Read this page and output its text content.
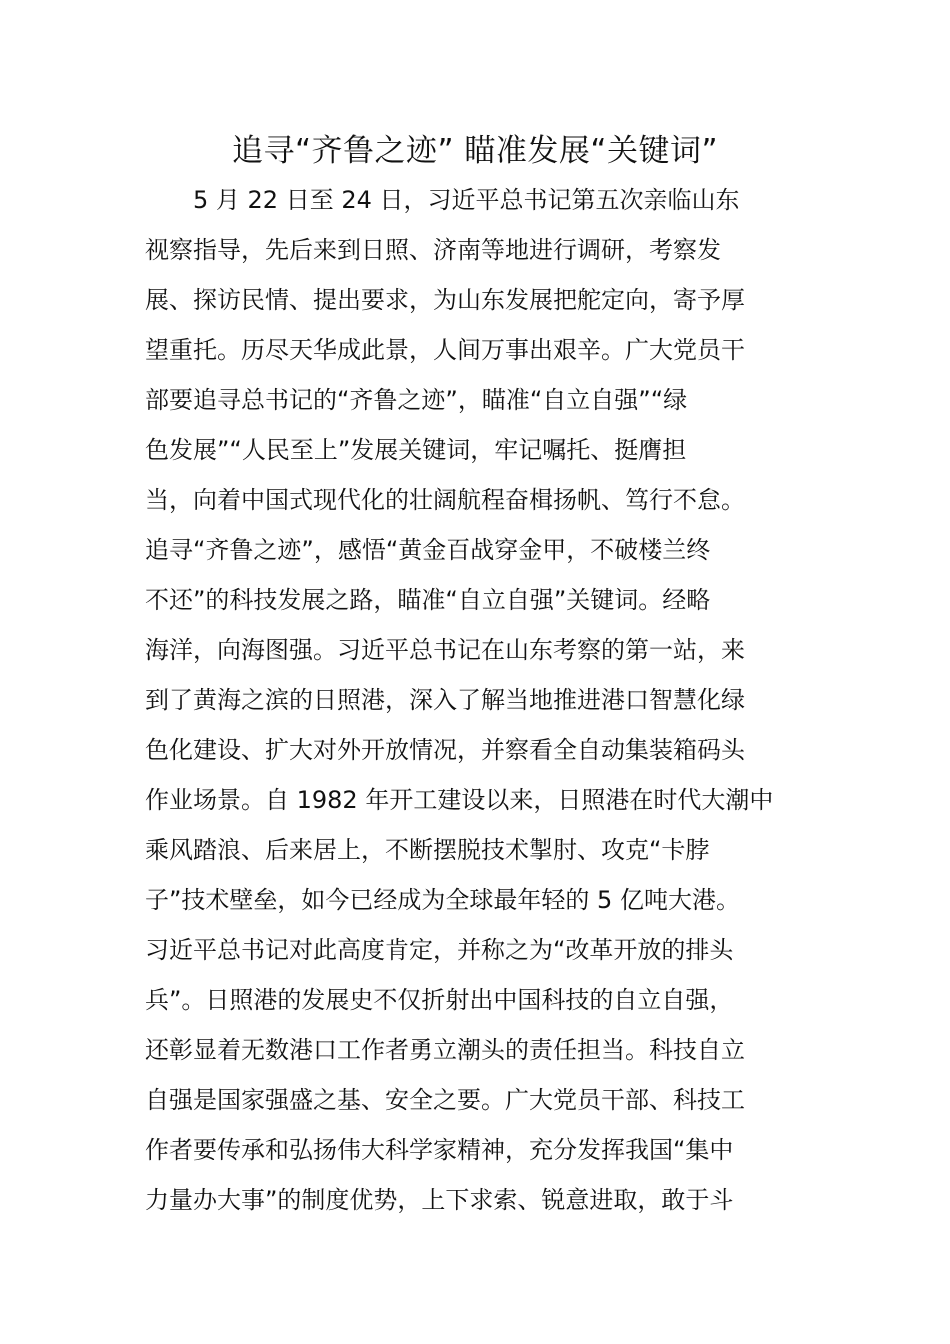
追寻“齐鲁之迹” 瞄准发展“关键词”
　　5 月 22 日至 24 日，习近平总书记第五次亲临山东
视察指导，先后来到日照、济南等地进行调研，考察发
展、探访民情、提出要求，为山东发展把舵定向，寄予厚
望重托。历尽天华成此景，人间万事出艰辛。广大党员干
部要追寻总书记的“齐鲁之迹”，瞄准“自立自强”“绿
色发展”“人民至上”发展关键词，牢记嘱托、挺膺担
当，向着中国式现代化的壮阔航程奋楫扬帆、笃行不怠。
追寻“齐鲁之迹”，感悟“黄金百战穿金甲，不破楼兰终
不还”的科技发展之路，瞄准“自立自强”关键词。经略
海洋，向海图强。习近平总书记在山东考察的第一站，来
到了黄海之滨的日照港，深入了解当地推进港口智慧化绿
色化建设、扩大对外开放情况，并察看全自动集装箱码头
作业场景。自 1982 年开工建设以来，日照港在时代大潮中
乘风踏浪、后来居上，不断摆脱技术掣肘、攻克“卡脖
子”技术壁垒，如今已经成为全球最年轻的 5 亿吨大港。
习近平总书记对此高度肯定，并称之为“改革开放的排头
兵”。日照港的发展史不仅折射出中国科技的自立自强，
还彰显着无数港口工作者勇立潮头的责任担当。科技自立
自强是国家强盛之基、安全之要。广大党员干部、科技工
作者要传承和弘扬伟大科学家精神，充分发挥我国“集中
力量办大事”的制度优势，上下求索、锐意进取，敢于斗
